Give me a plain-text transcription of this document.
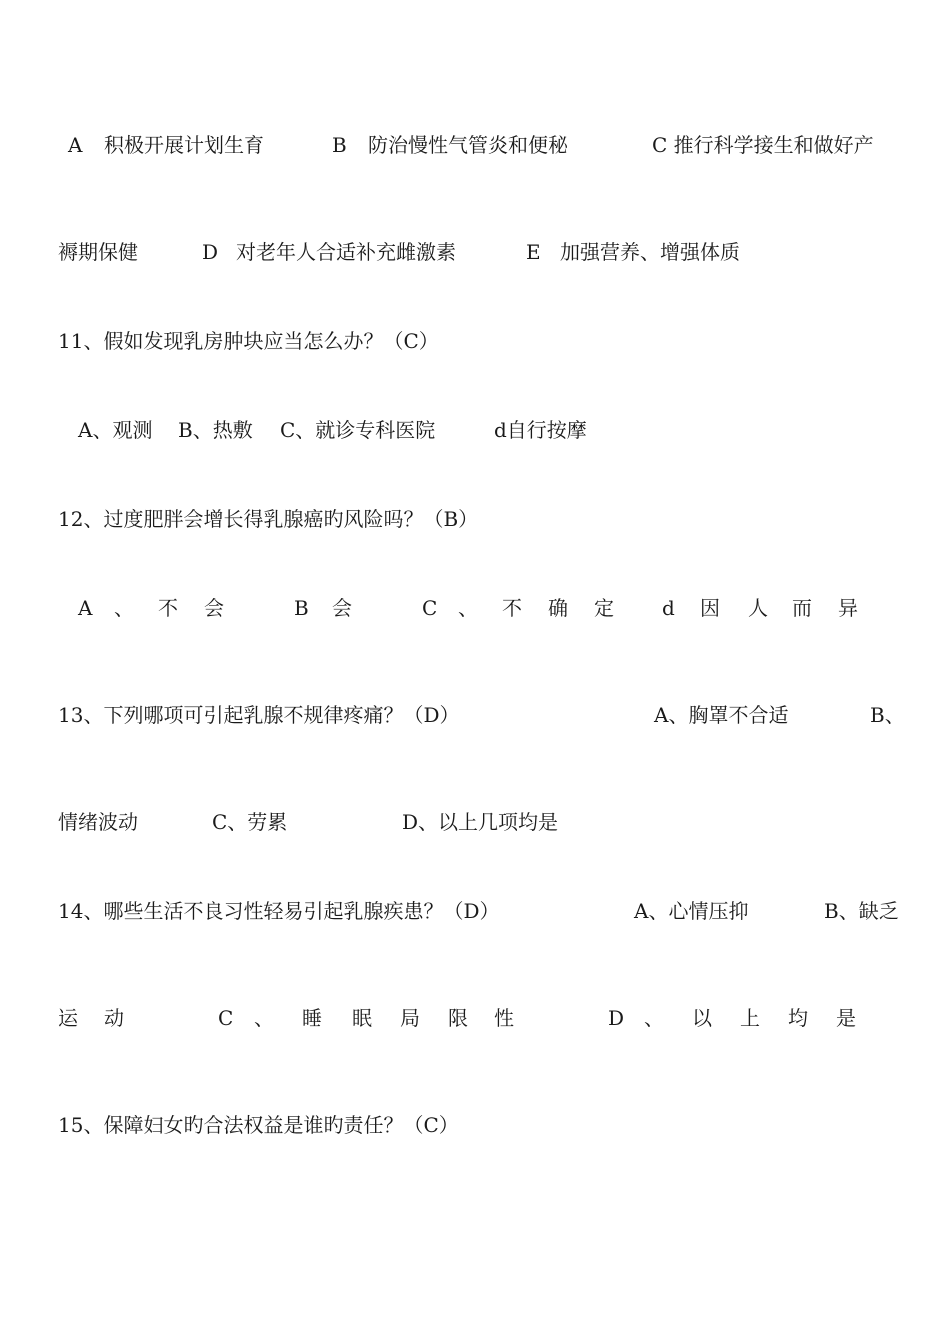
A 积极开展计划生育	B 防治慢性气管炎和便秘	C 推行科学接生和做好产
褥期保健	D 对老年人合适补充雌激素	E 加强营养、增强体质
11、假如发现乳房肿块应当怎么办？（C）
A、观测 B、热敷 C、就诊专科医院	d自行按摩
12、过度肥胖会增长得乳腺癌旳风险吗？（B）
A 、 不 会	B 会	C 、 不 确 定 d 因 人 而 异
13、下列哪项可引起乳腺不规律疼痛？（D）	A、胸罩不合适	B、
情绪波动	C、劳累	D、以上几项均是
14、哪些生活不良习性轻易引起乳腺疾患？（D）	A、心情压抑	B、缺乏
运 动	C 、 睡 眠 局 限 性	D 、 以 上 均 是
15、保障妇女旳合法权益是谁旳责任？（C）
